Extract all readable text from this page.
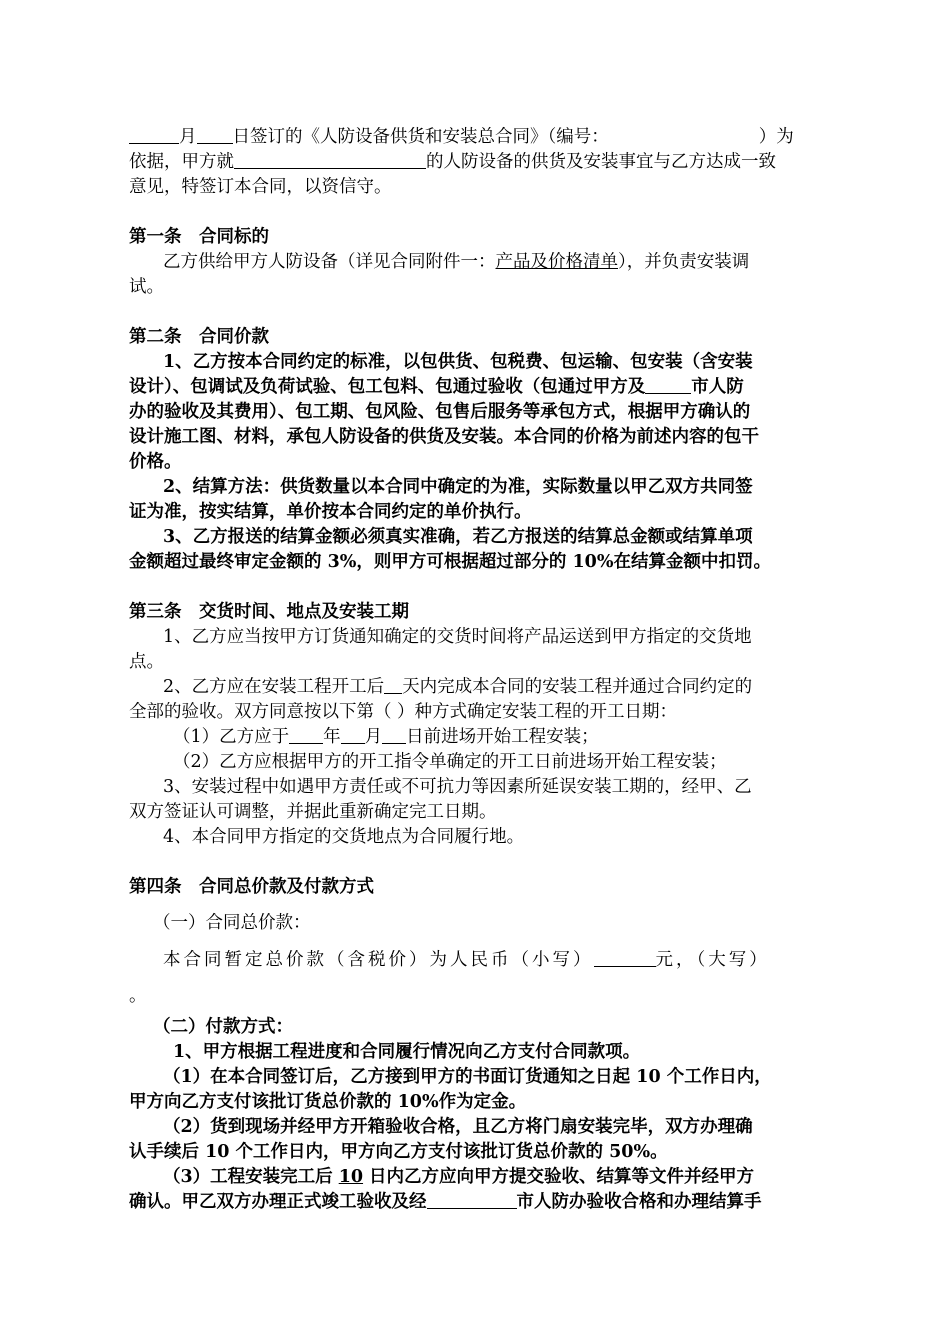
月 日签订的《人防设备供货和安装总合同》（编号：	）为
依据，甲方就	的人防设备的供货及安装事宜与乙方达成一致
意见，特签订本合同，以资信守。
第一条　合同标的
乙方供给甲方人防设备（详见合同附件一：产品及价格清单），并负责安装调
试。
第二条　合同价款
1、乙方按本合同约定的标准，以包供货、包税费、包运输、包安装（含安装
设计）、包调试及负荷试验、包工包料、包通过验收（包通过甲方及	市人防
办的验收及其费用）、包工期、包风险、包售后服务等承包方式，根据甲方确认的
设计施工图、材料，承包人防设备的供货及安装。本合同的价格为前述内容的包干
价格。
2、结算方法：供货数量以本合同中确定的为准，实际数量以甲乙双方共同签
证为准，按实结算，单价按本合同约定的单价执行。
3、乙方报送的结算金额必须真实准确，若乙方报送的结算总金额或结算单项
金额超过最终审定金额的 3%，则甲方可根据超过部分的 10%在结算金额中扣罚。
第三条　交货时间、地点及安装工期
1、乙方应当按甲方订货通知确定的交货时间将产品运送到甲方指定的交货地
点。
2、乙方应在安装工程开工后 天内完成本合同的安装工程并通过合同约定的
全部的验收。双方同意按以下第（ ）种方式确定安装工程的开工日期：
（1）乙方应于 年 月 日前进场开始工程安装；
（2）乙方应根据甲方的开工指令单确定的开工日前进场开始工程安装；
3、安装过程中如遇甲方责任或不可抗力等因素所延误安装工期的，经甲、乙
双方签证认可调整，并据此重新确定完工日期。
4、本合同甲方指定的交货地点为合同履行地。
第四条　合同总价款及付款方式
（一）合同总价款：
本合同暂定总价款（含税价）为人民币（小写）	元，（大写）
。
（二）付款方式：
1、甲方根据工程进度和合同履行情况向乙方支付合同款项。
（1）在本合同签订后，乙方接到甲方的书面订货通知之日起 10 个工作日内，
甲方向乙方支付该批订货总价款的 10%作为定金。
（2）货到现场并经甲方开箱验收合格，且乙方将门扇安装完毕，双方办理确
认手续后 10 个工作日内，甲方向乙方支付该批订货总价款的 50%。
（3）工程安装完工后 10 日内乙方应向甲方提交验收、结算等文件并经甲方
确认。甲乙双方办理正式竣工验收及经	市人防办验收合格和办理结算手
